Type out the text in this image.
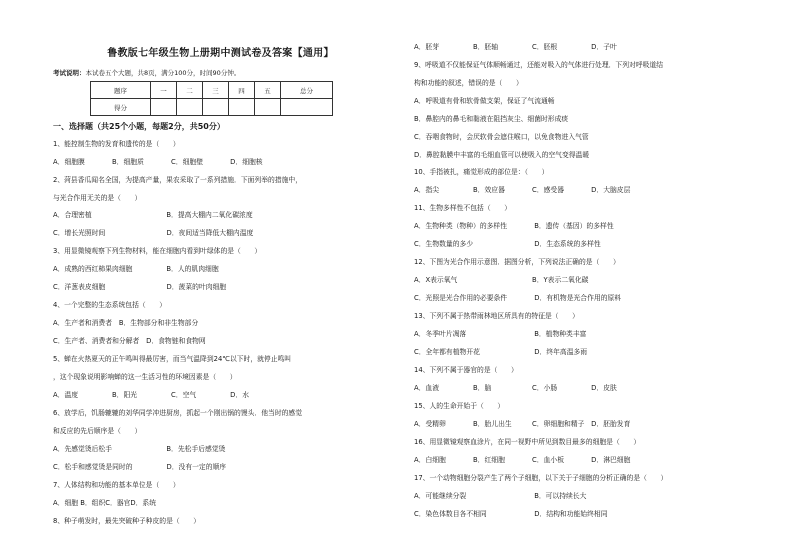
鲁教版七年级生物上册期中测试卷及答案【通用】
考试说明：本试卷五个大题，共8页，满分100分，时间90分钟。
题序	一	二	三	四	五	总分
得分						
一、选择题（共25个小题，每题2分，共50分）
1、能控制生物的发育和遗传的是（　　）
A．细胞膜　　　　B．细胞质　　　　C．细胞壁　　　　D．细胞核
2、菏县香瓜闻名全国，为提高产量，果农采取了一系列措施．下面列举的措施中，
与光合作用无关的是（　　）
A．合理密植　　　　　　　　　　　B．提高大棚内二氧化碳浓度
C．增长光照时间　　　　　　　　　D．夜间适当降低大棚内温度
3、用显微镜观察下列生物材料，能在细胞内看到叶绿体的是（　　）
A．成熟的西红柿果肉细胞　　　　　B．人的肌肉细胞
C．洋葱表皮细胞　　　　　　　　　D．菠菜的叶肉细胞
4、一个完整的生态系统包括（　　）
A．生产者和消费者　B．生物部分和非生物部分
C．生产者、消费者和分解者　D．食物链和食物网
5、蝉在火热夏天的正午鸣叫得最厉害，而当气温降到24℃以下时，就停止鸣叫
，这个现象说明影响蝉的这一生活习性的环境因素是（　　）
A．温度　　　　　B．阳光　　　　　C．空气　　　　　D．水
6、放学后，饥肠辘辘的刘华同学冲进厨房，抓起一个刚出锅的馒头．他当时的感觉
和反应的先后顺序是（　　）
A．先感觉烫后松手　　　　　　　　B．先松手后感觉烫
C．松手和感觉烫是同时的　　　　　D．没有一定的顺序
7、人体结构和功能的基本单位是（　　）
A．细胞 B．组织C．器官D．系统
8、种子萌发时，最先突破种子种皮的是（　　）
A．胚芽　　　　　B．胚轴　　　　　C．胚根　　　　　D．子叶
9、呼吸道不仅能保证气体顺畅通过，还能对吸入的气体进行处理．下列对呼吸道结
构和功能的叙述，错误的是（　　）
A．呼吸道有骨和软骨做支架，保证了气流通畅
B．鼻腔内的鼻毛和黏液在阻挡灰尘、细菌时形成痰
C．吞咽食物时，会厌软骨会遮住喉口，以免食物进入气管
D．鼻腔黏膜中丰富的毛细血管可以使吸入的空气变得温暖
10、手指被扎，痛觉形成的部位是：（　　）
A．指尖　　　　　B．效应器　　　　C．感受器　　　　D．大脑皮层
11、生物多样性不包括（　　）
A．生物种类（物种）的多样性　　　　B．遗传（基因）的多样性
C．生物数量的多少　　　　　　　　　D．生态系统的多样性
12、下图为光合作用示意图．据图分析，下列说法正确的是（　　）
A．X表示氧气　　　　　　　　　　　B．Y表示二氧化碳
C．光照是光合作用的必要条件　　　　D．有机物是光合作用的原料
13、下列不属于热带雨林地区所具有的特征是（　　）
A．冬季叶片凋落　　　　　　　　　　B．植物种类丰富
C．全年都有植物开花　　　　　　　　D．终年高温多雨
14、下列不属于器官的是（　　）
A．血液　　　　　B．脑　　　　　　C．小肠　　　　　D．皮肤
15、人的生命开始于（　　）
A．受精卵　　　　B．胎儿出生　　　C．卵细胞和精子　D．胚胎发育
16、用显微镜观察血涂片，在同一视野中所见到数目最多的细胞是（　　）
A．白细胞　　　　B．红细胞　　　　C．血小板　　　　D．淋巴细胞
17、一个动物细胞分裂产生了两个子细胞，以下关于子细胞的分析正确的是（　　）
A．可能继续分裂　　　　　　　　　　B．可以持续长大
C．染色体数目各不相同　　　　　　　D．结构和功能始终相同
